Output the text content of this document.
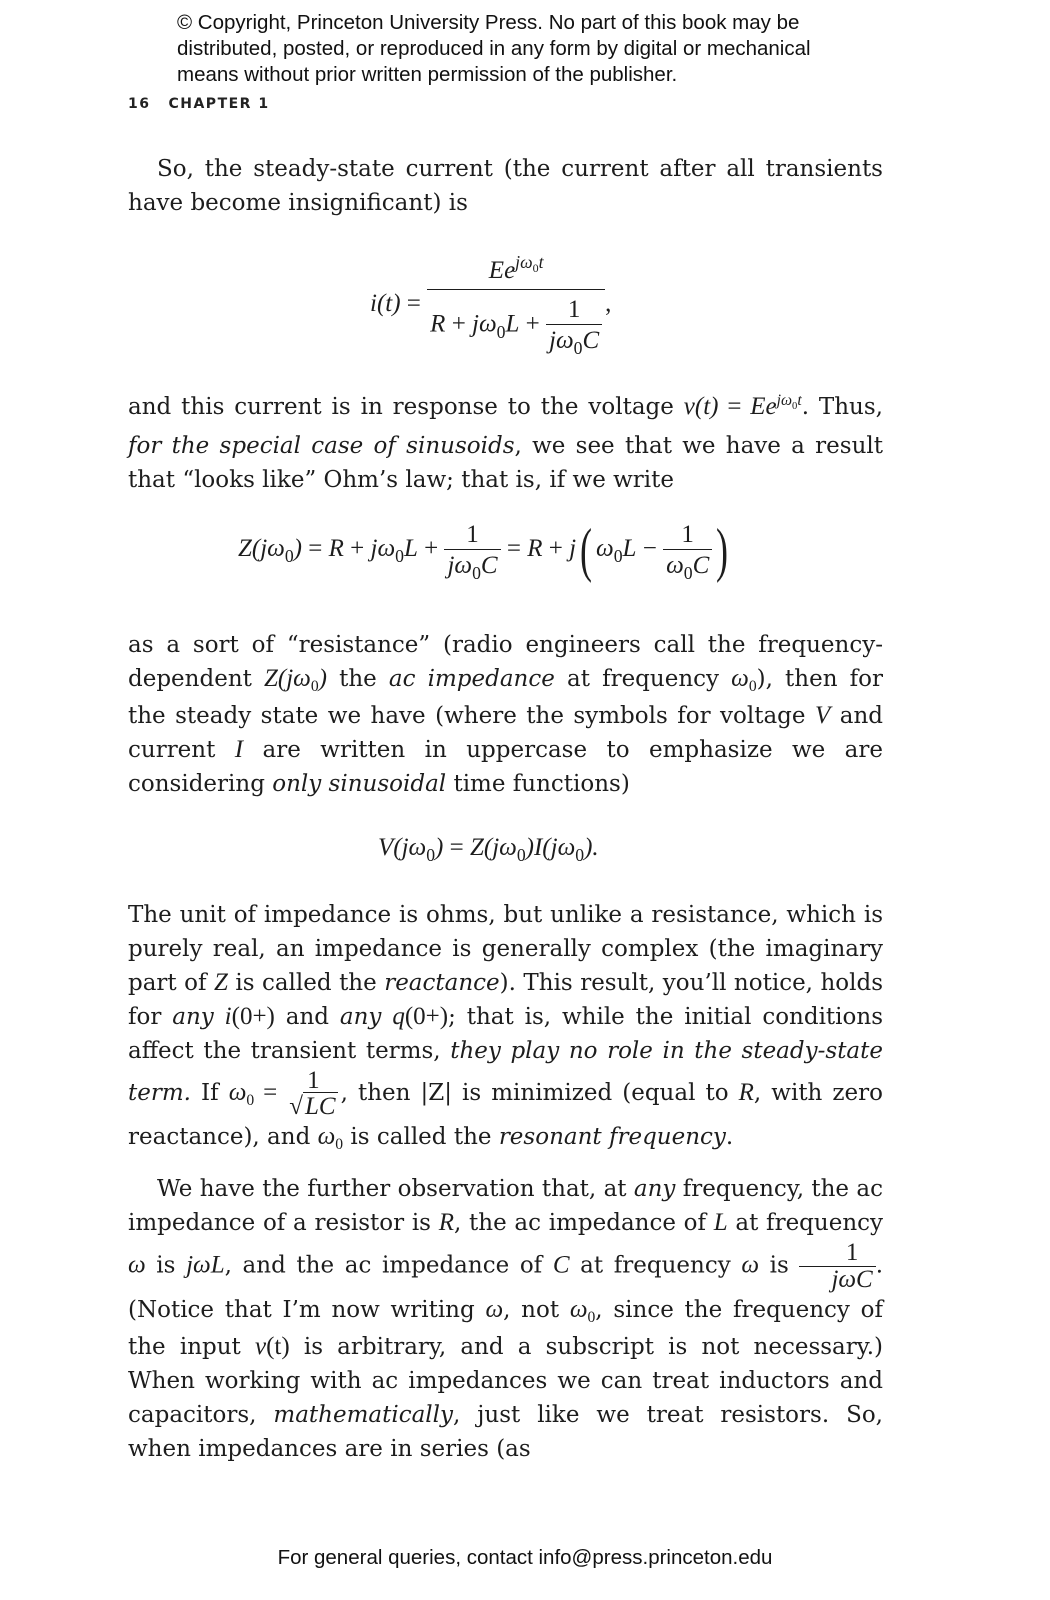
© Copyright, Princeton University Press. No part of this book may be
distributed, posted, or reproduced in any form by digital or mechanical
means without prior written permission of the publisher.
16 CHAPTER 1

So, the steady-state current (the current after all transients have become insignificant) is

$i(t) = \frac{Ee^{j\omega_0t}}{R + j\omega_0L + \frac{1}{j\omega_0C}}$ ,

and this current is in response to the voltage $v(t) = Ee^{j\omega_0t}$. Thus, for the special case of sinusoids, we see that we have a result that “looks like” Ohm’s law; that is, if we write

$Z(j\omega_0) = R + j\omega_0L + \frac{1}{j\omega_0C} = R + j$( $\omega_0L - \frac{1}{\omega_0C}$ )

as a sort of “resistance” (radio engineers call the frequency-dependent $Z(j\omega_0)$ the ac impedance at frequency $\omega_0$), then for the steady state we have (where the symbols for voltage V and current I are written in uppercase to emphasize we are considering only sinusoidal time functions)

$V(j\omega_0) = Z(j\omega_0)I(j\omega_0)$.

The unit of impedance is ohms, but unlike a resistance, which is purely real, an impedance is generally complex (the imaginary part of Z is called the reactance). This result, you’ll notice, holds for any i(0+) and any q(0+); that is, while the initial conditions affect the transient terms, they play no role in the steady-state term. If $\omega_0 = 1$
√LC , then |Z| is minimized (equal to R, with zero reactance), and $\omega_0$ is called the resonant frequency.

We have the further observation that, at any frequency, the ac impedance of a resistor is R, the ac impedance of L at frequency ω is jωL, and the ac impedance of C at frequency ω is $\frac{1}{\text{jωC}}$ . (Notice that I’m now writing ω, not $\omega_0$, since the frequency of the input v(t) is arbitrary, and a subscript is not necessary.) When working with ac impedances we can treat inductors and capacitors, mathematically, just like we treat resistors. So, when impedances are in series (as

For general queries, contact info@press.princeton.edu
